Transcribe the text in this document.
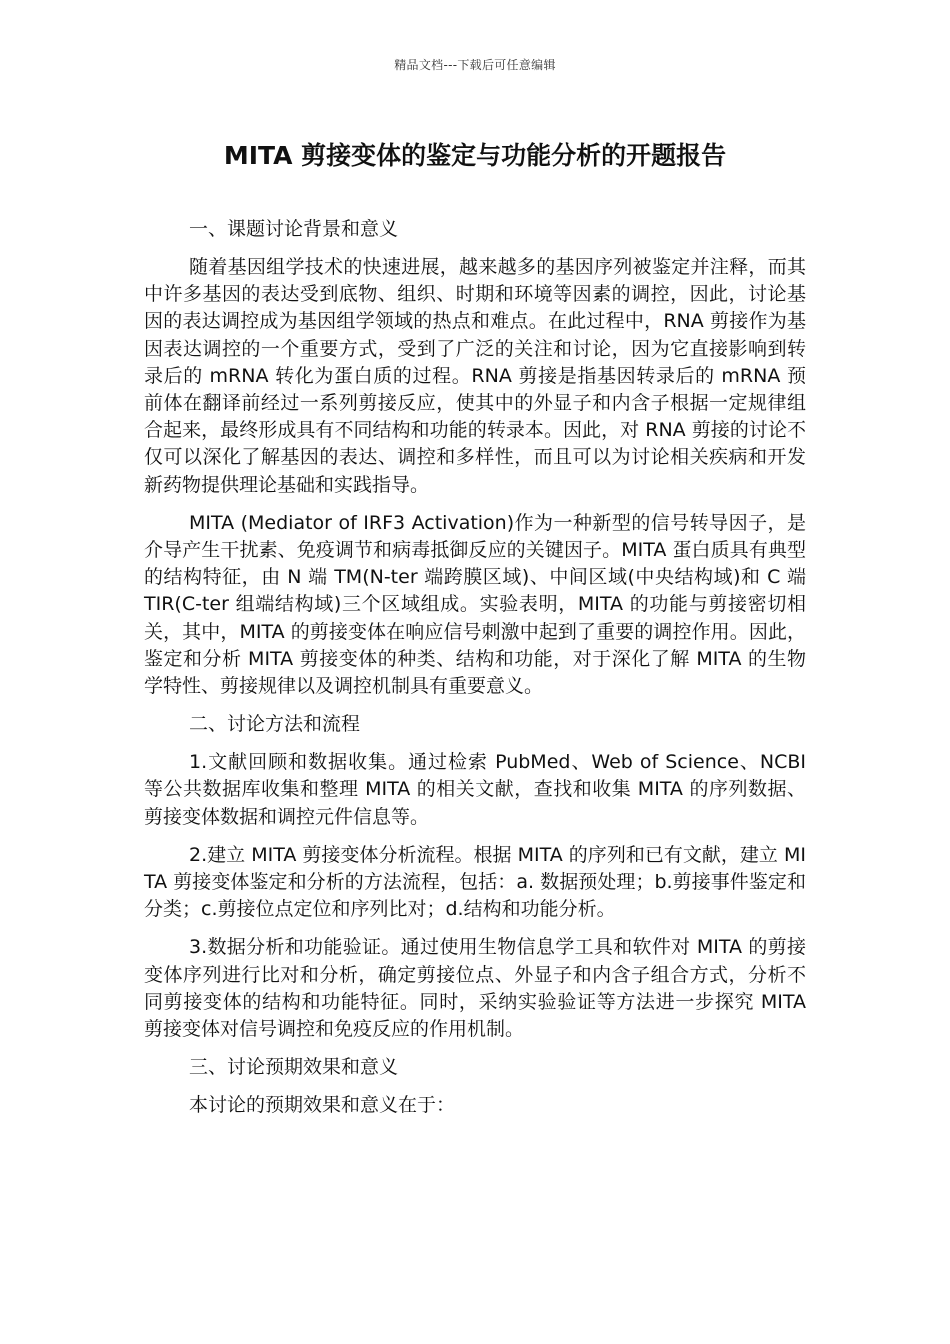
精品文档---下载后可任意编辑
MITA 剪接变体的鉴定与功能分析的开题报告

一、课题讨论背景和意义

随着基因组学技术的快速进展，越来越多的基因序列被鉴定并注释，而其中许多基因的表达受到底物、组织、时期和环境等因素的调控，因此，讨论基因的表达调控成为基因组学领域的热点和难点。在此过程中，RNA 剪接作为基因表达调控的一个重要方式，受到了广泛的关注和讨论，因为它直接影响到转录后的 mRNA 转化为蛋白质的过程。RNA 剪接是指基因转录后的 mRNA 预前体在翻译前经过一系列剪接反应，使其中的外显子和内含子根据一定规律组合起来，最终形成具有不同结构和功能的转录本。因此，对 RNA 剪接的讨论不仅可以深化了解基因的表达、调控和多样性，而且可以为讨论相关疾病和开发新药物提供理论基础和实践指导。

MITA (Mediator of IRF3 Activation)作为一种新型的信号转导因子，是介导产生干扰素、免疫调节和病毒抵御反应的关键因子。MITA 蛋白质具有典型的结构特征，由 N 端 TM(N-ter 端跨膜区域)、中间区域(中央结构域)和 C 端 TIR(C-ter 组端结构域)三个区域组成。实验表明，MITA 的功能与剪接密切相关，其中，MITA 的剪接变体在响应信号刺激中起到了重要的调控作用。因此，鉴定和分析 MITA 剪接变体的种类、结构和功能，对于深化了解 MITA 的生物学特性、剪接规律以及调控机制具有重要意义。

二、讨论方法和流程

1.文献回顾和数据收集。通过检索 PubMed、Web of Science、NCBI 等公共数据库收集和整理 MITA 的相关文献，查找和收集 MITA 的序列数据、剪接变体数据和调控元件信息等。

2.建立 MITA 剪接变体分析流程。根据 MITA 的序列和已有文献，建立 MITA 剪接变体鉴定和分析的方法流程，包括：a. 数据预处理；b.剪接事件鉴定和分类；c.剪接位点定位和序列比对；d.结构和功能分析。

3.数据分析和功能验证。通过使用生物信息学工具和软件对 MITA 的剪接变体序列进行比对和分析，确定剪接位点、外显子和内含子组合方式，分析不同剪接变体的结构和功能特征。同时，采纳实验验证等方法进一步探究 MITA 剪接变体对信号调控和免疫反应的作用机制。

三、讨论预期效果和意义

本讨论的预期效果和意义在于：
